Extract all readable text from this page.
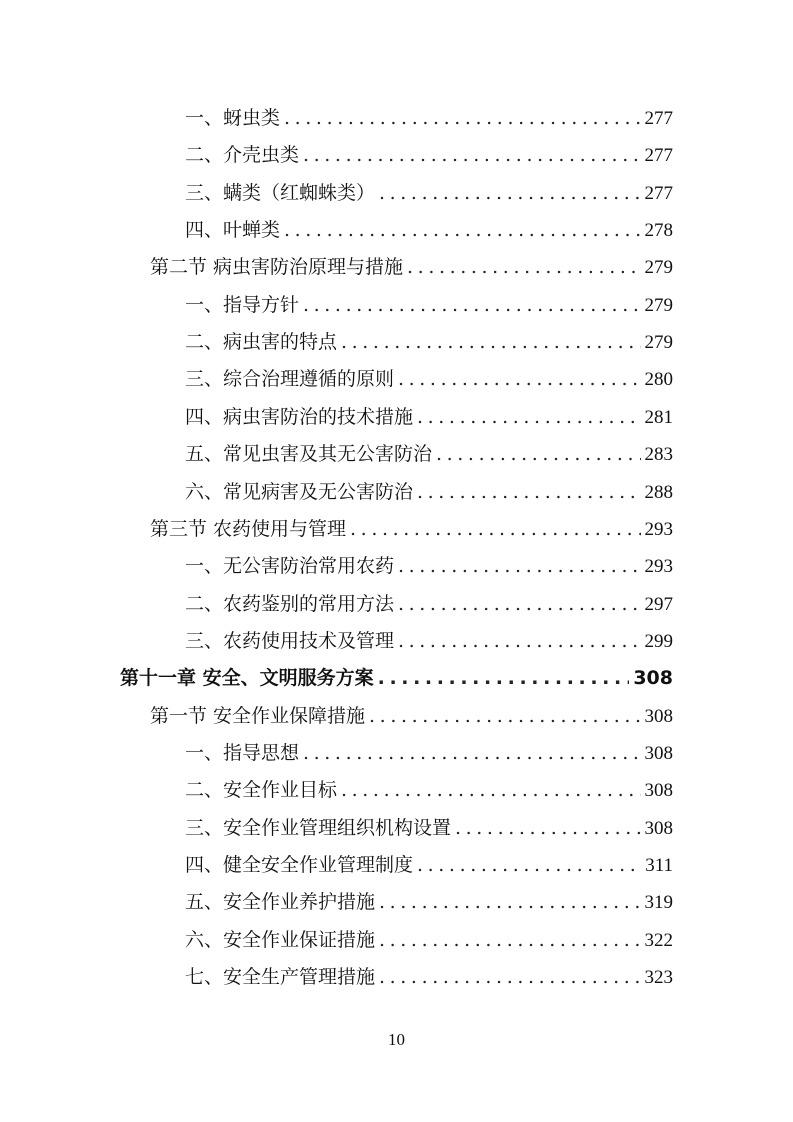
一、蚜虫类 .....	277
二、介壳虫类 .....	277
三、螨类（红蜘蛛类） .....	277
四、叶蝉类 .....	278
第二节 病虫害防治原理与措施 .....	279
一、指导方针 .....	279
二、病虫害的特点 .....	279
三、综合治理遵循的原则 .....	280
四、病虫害防治的技术措施 .....	281
五、常见虫害及其无公害防治 .....	283
六、常见病害及无公害防治 .....	288
第三节 农药使用与管理 .....	293
一、无公害防治常用农药 .....	293
二、农药鉴别的常用方法 .....	297
三、农药使用技术及管理 .....	299
第十一章 安全、文明服务方案 .....	308
第一节 安全作业保障措施 .....	308
一、指导思想 .....	308
二、安全作业目标 .....	308
三、安全作业管理组织机构设置 .....	308
四、健全安全作业管理制度 .....	311
五、安全作业养护措施 .....	319
六、安全作业保证措施 .....	322
七、安全生产管理措施 .....	323
10
